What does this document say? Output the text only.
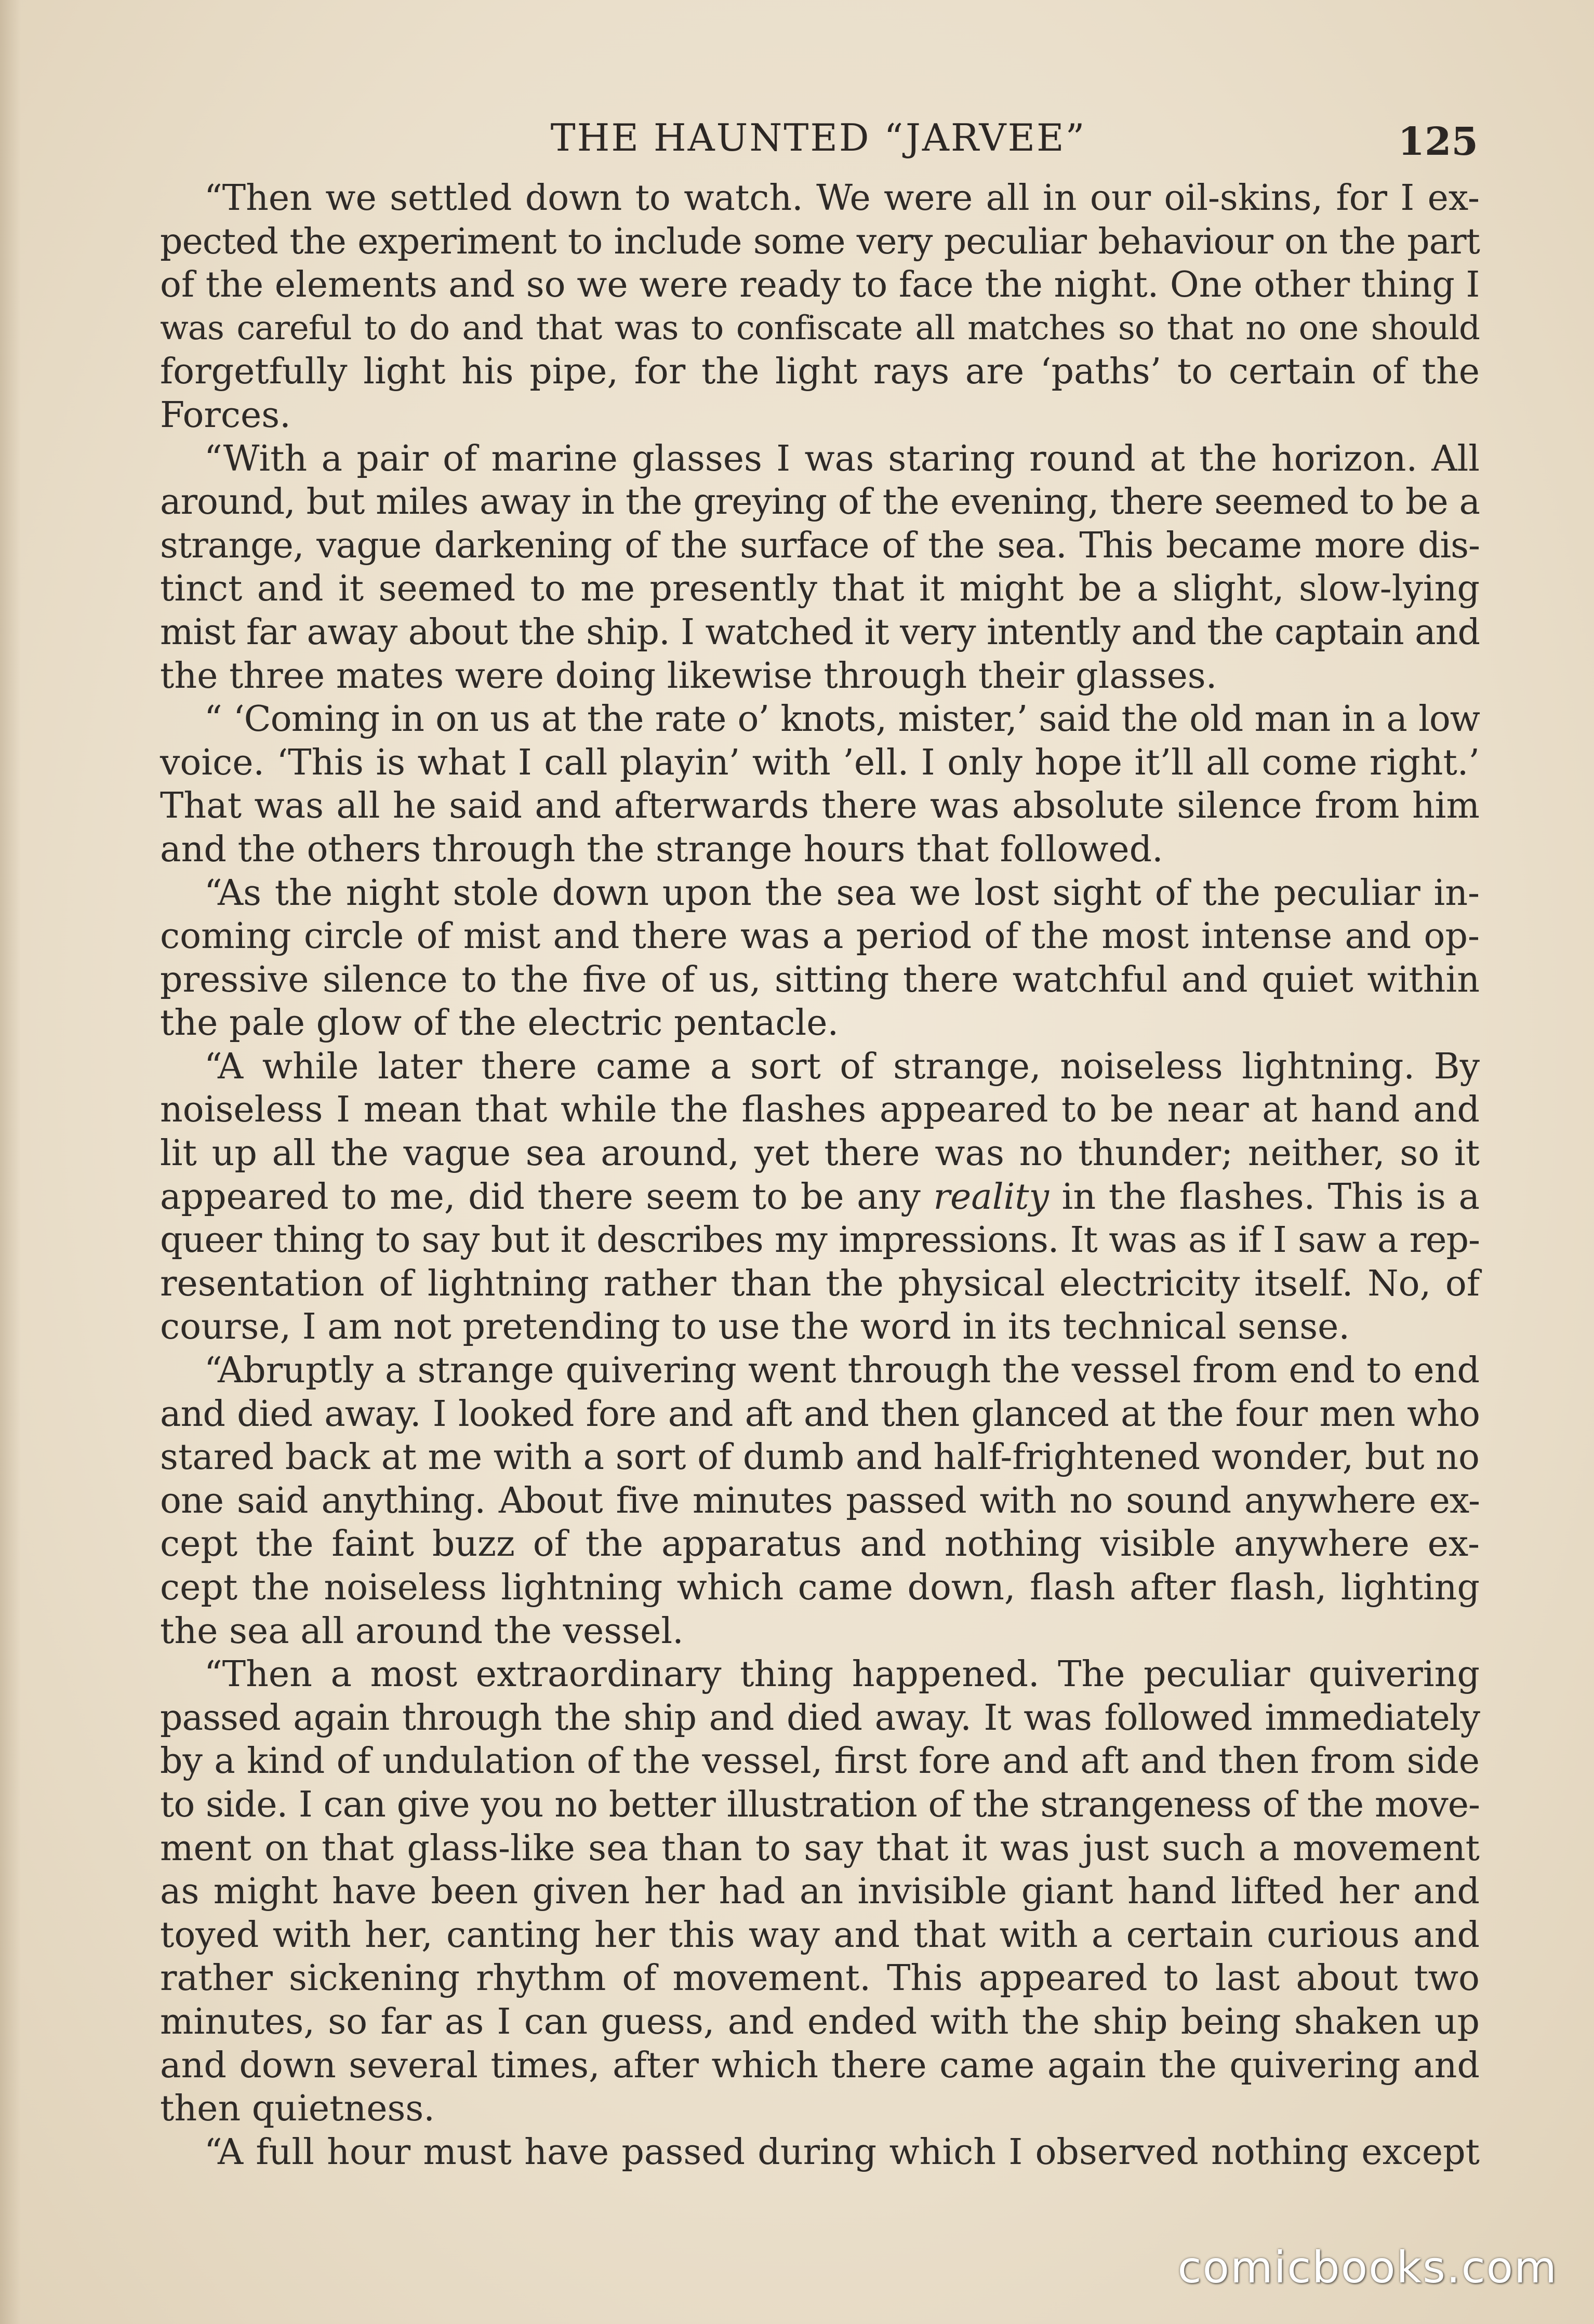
THE HAUNTED “JARVEE”	125
“Then we settled down to watch. We were all in our oil-skins, for I ex-
pected the experiment to include some very peculiar behaviour on the part
of the elements and so we were ready to face the night. One other thing I
was careful to do and that was to confiscate all matches so that no one should
forgetfully light his pipe, for the light rays are ‘paths’ to certain of the
Forces.
“With a pair of marine glasses I was staring round at the horizon. All
around, but miles away in the greying of the evening, there seemed to be a
strange, vague darkening of the surface of the sea. This became more dis-
tinct and it seemed to me presently that it might be a slight, slow-lying
mist far away about the ship. I watched it very intently and the captain and
the three mates were doing likewise through their glasses.
“ ‘Coming in on us at the rate o’ knots, mister,’ said the old man in a low
voice. ‘This is what I call playin’ with ’ell. I only hope it’ll all come right.’
That was all he said and afterwards there was absolute silence from him
and the others through the strange hours that followed.
“As the night stole down upon the sea we lost sight of the peculiar in-
coming circle of mist and there was a period of the most intense and op-
pressive silence to the five of us, sitting there watchful and quiet within
the pale glow of the electric pentacle.
“A while later there came a sort of strange, noiseless lightning. By
noiseless I mean that while the flashes appeared to be near at hand and
lit up all the vague sea around, yet there was no thunder; neither, so it
appeared to me, did there seem to be any reality in the flashes. This is a
queer thing to say but it describes my impressions. It was as if I saw a rep-
resentation of lightning rather than the physical electricity itself. No, of
course, I am not pretending to use the word in its technical sense.
“Abruptly a strange quivering went through the vessel from end to end
and died away. I looked fore and aft and then glanced at the four men who
stared back at me with a sort of dumb and half-frightened wonder, but no
one said anything. About five minutes passed with no sound anywhere ex-
cept the faint buzz of the apparatus and nothing visible anywhere ex-
cept the noiseless lightning which came down, flash after flash, lighting
the sea all around the vessel.
“Then a most extraordinary thing happened. The peculiar quivering
passed again through the ship and died away. It was followed immediately
by a kind of undulation of the vessel, first fore and aft and then from side
to side. I can give you no better illustration of the strangeness of the move-
ment on that glass-like sea than to say that it was just such a movement
as might have been given her had an invisible giant hand lifted her and
toyed with her, canting her this way and that with a certain curious and
rather sickening rhythm of movement. This appeared to last about two
minutes, so far as I can guess, and ended with the ship being shaken up
and down several times, after which there came again the quivering and
then quietness.
“A full hour must have passed during which I observed nothing except
comicbooks.com
